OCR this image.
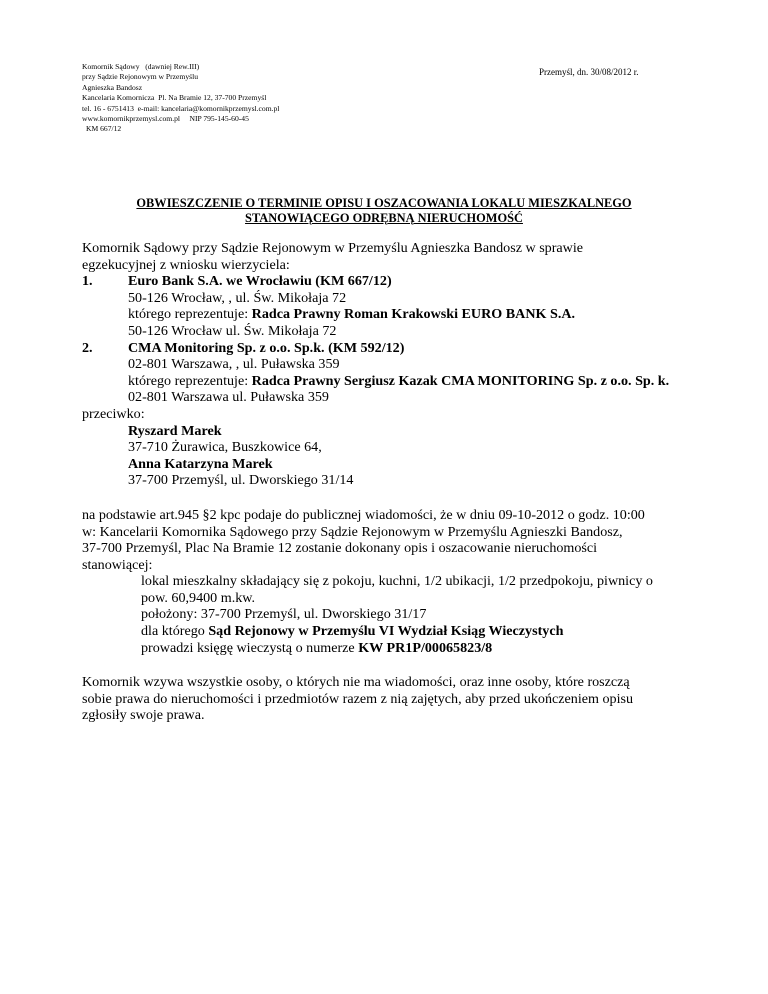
Komornik Sądowy   (dawniej Rew.III)
przy Sądzie Rejonowym w Przemyślu
Agnieszka Bandosz
Kancelaria Komornicza  Pl. Na Bramie 12, 37-700 Przemyśl
tel. 16 - 6751413  e-mail: kancelaria@komornikprzemysl.com.pl
www.komornikprzemysl.com.pl     NIP 795-145-60-45
KM 667/12
Przemyśl, dn. 30/08/2012 r.
OBWIESZCZENIE O TERMINIE OPISU I OSZACOWANIA LOKALU MIESZKALNEGO
STANOWIĄCEGO ODRĘBNĄ NIERUCHOMOŚĆ
Komornik Sądowy przy Sądzie Rejonowym w Przemyślu Agnieszka Bandosz w sprawie
egzekucyjnej z wniosku wierzyciela:
1.	Euro Bank S.A. we Wrocławiu (KM 667/12)
50-126 Wrocław, , ul. Św. Mikołaja 72
którego reprezentuje: Radca Prawny Roman Krakowski EURO BANK S.A.
50-126 Wrocław ul. Św. Mikołaja 72
2.	CMA Monitoring Sp. z o.o. Sp.k. (KM 592/12)
02-801 Warszawa, , ul. Puławska 359
którego reprezentuje: Radca Prawny Sergiusz Kazak CMA MONITORING Sp. z o.o. Sp. k.
02-801 Warszawa ul. Puławska 359
przeciwko:
Ryszard Marek
37-710 Żurawica, Buszkowice 64,
Anna Katarzyna Marek
37-700 Przemyśl, ul. Dworskiego 31/14
na podstawie art.945 §2 kpc podaje do publicznej wiadomości, że w dniu 09-10-2012 o godz. 10:00
w: Kancelarii Komornika Sądowego przy Sądzie Rejonowym w Przemyślu Agnieszki Bandosz,
37-700 Przemyśl, Plac Na Bramie 12 zostanie dokonany opis i oszacowanie nieruchomości
stanowiącej:
lokal mieszkalny składający się z pokoju, kuchni, 1/2 ubikacji, 1/2 przedpokoju, piwnicy o
pow. 60,9400 m.kw.
położony: 37-700 Przemyśl, ul. Dworskiego 31/17
dla którego Sąd Rejonowy w Przemyślu VI Wydział Ksiąg Wieczystych
prowadzi księgę wieczystą o numerze KW PR1P/00065823/8
Komornik wzywa wszystkie osoby, o których nie ma wiadomości, oraz inne osoby, które roszczą
sobie prawa do nieruchomości i przedmiotów razem z nią zajętych, aby przed ukończeniem opisu
zgłosiły swoje prawa.
